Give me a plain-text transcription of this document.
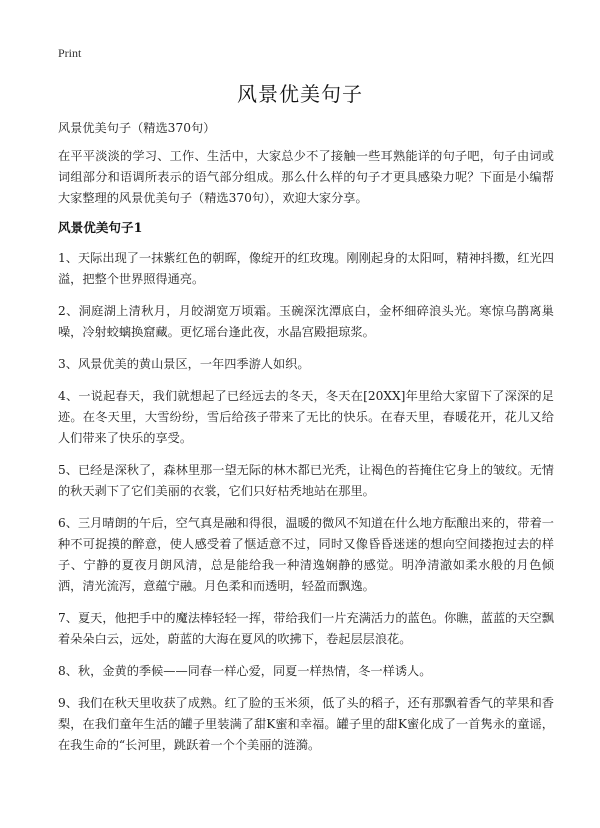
Print
风景优美句子

风景优美句子（精选370句）

在平平淡淡的学习、工作、生活中，大家总少不了接触一些耳熟能详的句子吧，句子由词或词组部分和语调所表示的语气部分组成。那么什么样的句子才更具感染力呢？下面是小编帮大家整理的风景优美句子（精选370句），欢迎大家分享。

风景优美句子1

1、天际出现了一抹紫红色的朝晖，像绽开的红玫瑰。刚刚起身的太阳呵，精神抖擞，红光四溢，把整个世界照得通亮。

2、洞庭湖上清秋月，月皎湖宽万顷霜。玉碗深沈潭底白，金杯细碎浪头光。寒惊乌鹊离巢噪，冷射蛟螭换窟藏。更忆瑶台逢此夜，水晶宫殿挹琼浆。

3、风景优美的黄山景区，一年四季游人如织。

4、一说起春天，我们就想起了已经远去的冬天，冬天在[20XX]年里给大家留下了深深的足迹。在冬天里，大雪纷纷，雪后给孩子带来了无比的快乐。在春天里，春暖花开，花儿又给人们带来了快乐的享受。

5、已经是深秋了，森林里那一望无际的林木都已光秃，让褐色的苔掩住它身上的皱纹。无情的秋天剥下了它们美丽的衣裳，它们只好枯秃地站在那里。

6、三月晴朗的午后，空气真是融和得很，温暖的微风不知道在什么地方酝酿出来的，带着一种不可捉摸的醉意，使人感受着了惬适意不过，同时又像昏昏迷迷的想向空间搂抱过去的样子、宁静的夏夜月朗风清，总是能给我一种清逸娴静的感觉。明净清澈如柔水般的月色倾洒，清光流泻，意蕴宁融。月色柔和而透明，轻盈而飘逸。

7、夏天，他把手中的魔法棒轻轻一挥，带给我们一片充满活力的蓝色。你瞧，蓝蓝的天空飘着朵朵白云，远处，蔚蓝的大海在夏风的吹拂下，卷起层层浪花。

8、秋，金黄的季候——同春一样心爱，同夏一样热情，冬一样诱人。

9、我们在秋天里收获了成熟。红了脸的玉米须，低了头的稻子，还有那飘着香气的苹果和香梨，在我们童年生活的罐子里装满了甜K蜜和幸福。罐子里的甜K蜜化成了一首隽永的童谣，在我生命的“长河里，跳跃着一个个美丽的涟漪。
